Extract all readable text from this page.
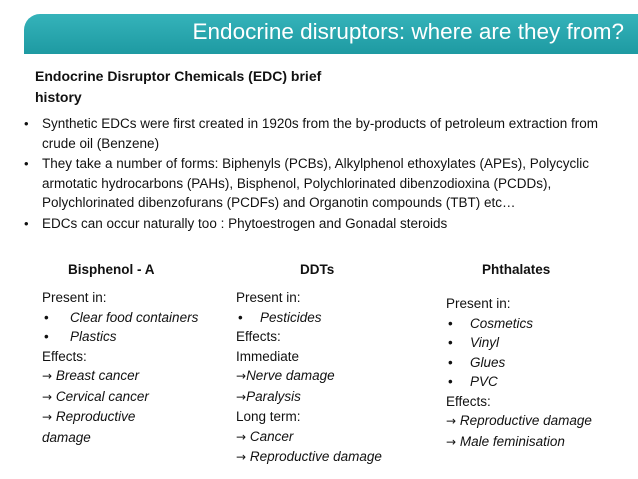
Endocrine disruptors: where are they from?
Endocrine Disruptor Chemicals (EDC) brief history
• Synthetic EDCs were first created in 1920s from the by-products of petroleum extraction from crude oil (Benzene)
• They take a number of forms: Biphenyls (PCBs), Alkylphenol ethoxylates (APEs), Polycyclic armotatic hydrocarbons (PAHs), Bisphenol, Polychlorinated dibenzodioxina (PCDDs), Polychlorinated dibenzofurans (PCDFs) and Organotin compounds (TBT) etc…
• EDCs can occur naturally too : Phytoestrogen and Gonadal steroids
Bisphenol - A	DDTs	Phthalates
Present in:
• Clear food containers
• Plastics
Effects:
→ Breast cancer
→ Cervical cancer
→ Reproductive damage
Present in:
• Pesticides
Effects:
Immediate
→Nerve damage
→Paralysis
Long term:
→ Cancer
→ Reproductive damage
Present in:
• Cosmetics
• Vinyl
• Glues
• PVC
Effects:
→ Reproductive damage
→ Male feminisation
